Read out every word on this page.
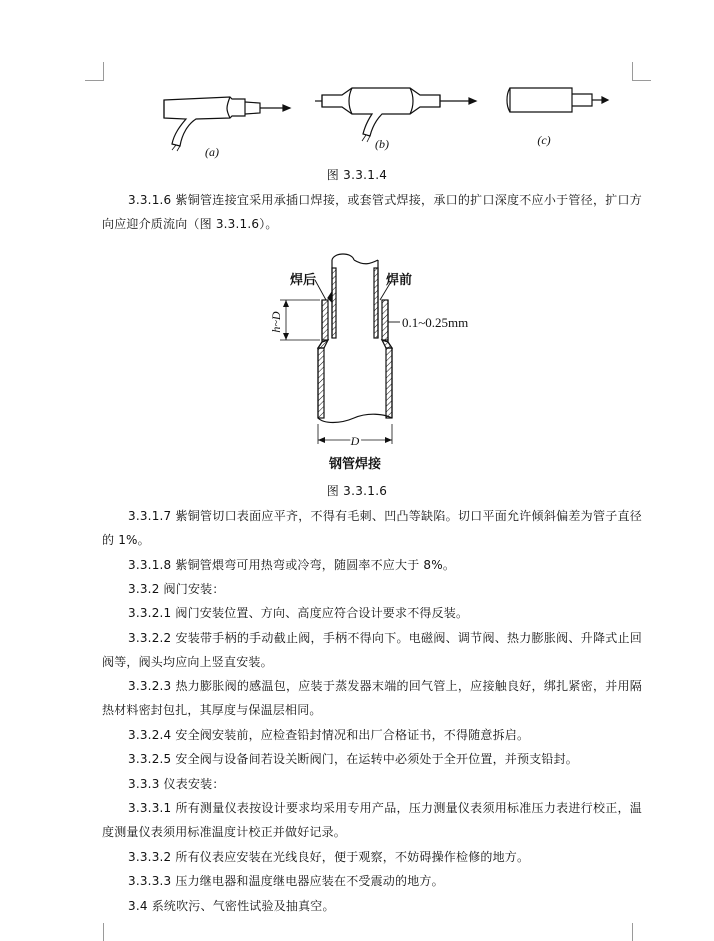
(a)
(b)	(c)
图 3.3.1.4

3.3.1.6 紫铜管连接宜采用承插口焊接，或套管式焊接，承口的扩口深度不应小于管径，扩口方向应迎介质流向（图 3.3.1.6）。

焊后	焊前
h~D	0.1~0.25mm
D
钢管焊接
图 3.3.1.6

3.3.1.7 紫铜管切口表面应平齐，不得有毛刺、凹凸等缺陷。切口平面允许倾斜偏差为管子直径的 1%。

3.3.1.8 紫铜管煨弯可用热弯或冷弯，随圆率不应大于 8%。

3.3.2 阀门安装：

3.3.2.1 阀门安装位置、方向、高度应符合设计要求不得反装。

3.3.2.2 安装带手柄的手动截止阀，手柄不得向下。电磁阀、调节阀、热力膨胀阀、升降式止回阀等，阀头均应向上竖直安装。

3.3.2.3 热力膨胀阀的感温包，应装于蒸发器末端的回气管上，应接触良好，绑扎紧密，并用隔热材料密封包扎，其厚度与保温层相同。

3.3.2.4 安全阀安装前，应检查铅封情况和出厂合格证书，不得随意拆启。

3.3.2.5 安全阀与设备间若设关断阀门，在运转中必须处于全开位置，并预支铅封。

3.3.3 仪表安装：

3.3.3.1 所有测量仪表按设计要求均采用专用产品，压力测量仪表须用标准压力表进行校正，温度测量仪表须用标准温度计校正并做好记录。

3.3.3.2 所有仪表应安装在光线良好，便于观察，不妨碍操作检修的地方。

3.3.3.3 压力继电器和温度继电器应装在不受震动的地方。

3.4 系统吹污、气密性试验及抽真空。
